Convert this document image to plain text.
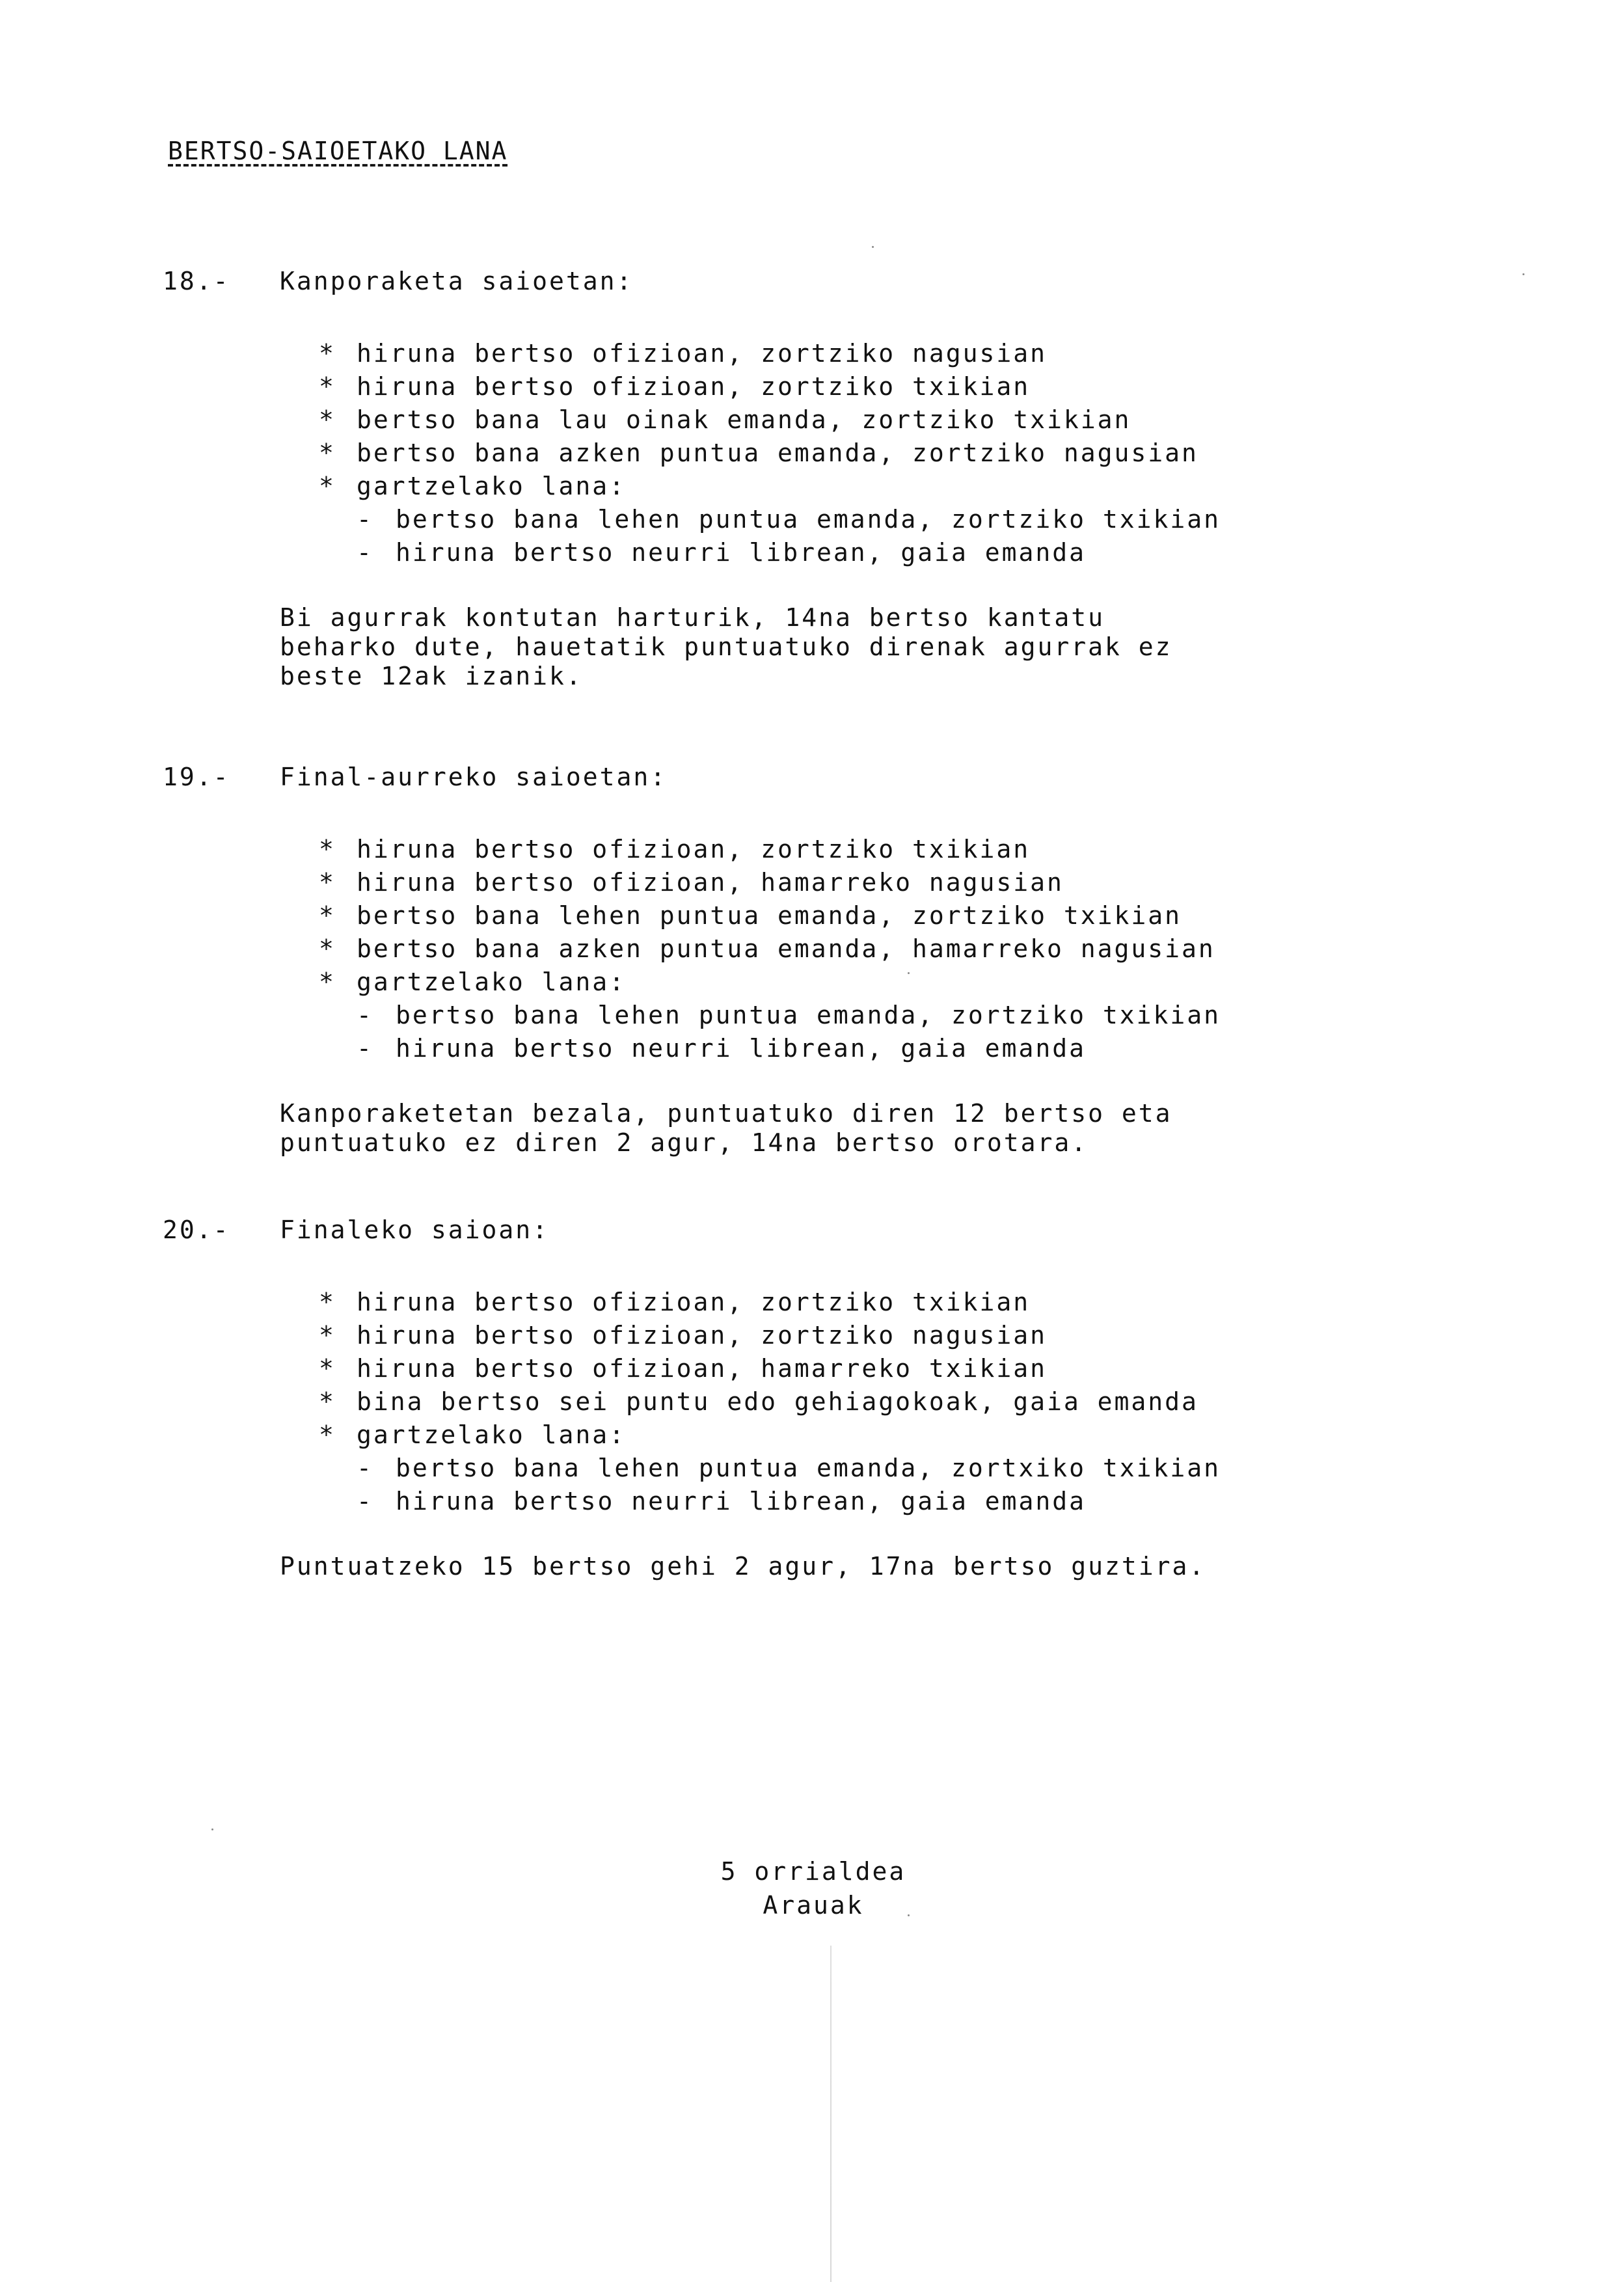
BERTSO-SAIOETAKO LANA
18.- Kanporaketa saioetan:
* hiruna bertso ofizioan, zortziko nagusian
* hiruna bertso ofizioan, zortziko txikian
* bertso bana lau oinak emanda, zortziko txikian
* bertso bana azken puntua emanda, zortziko nagusian
* gartzelako lana:
- bertso bana lehen puntua emanda, zortziko txikian
- hiruna bertso neurri librean, gaia emanda
Bi agurrak kontutan harturik, 14na bertso kantatu
beharko dute, hauetatik puntuatuko direnak agurrak ez
beste 12ak izanik.
19.- Final-aurreko saioetan:
* hiruna bertso ofizioan, zortziko txikian
* hiruna bertso ofizioan, hamarreko nagusian
* bertso bana lehen puntua emanda, zortziko txikian
* bertso bana azken puntua emanda, hamarreko nagusian
* gartzelako lana:
- bertso bana lehen puntua emanda, zortziko txikian
- hiruna bertso neurri librean, gaia emanda
Kanporaketetan bezala, puntuatuko diren 12 bertso eta
puntuatuko ez diren 2 agur, 14na bertso orotara.
20.- Finaleko saioan:
* hiruna bertso ofizioan, zortziko txikian
* hiruna bertso ofizioan, zortziko nagusian
* hiruna bertso ofizioan, hamarreko txikian
* bina bertso sei puntu edo gehiagokoak, gaia emanda
* gartzelako lana:
- bertso bana lehen puntua emanda, zortxiko txikian
- hiruna bertso neurri librean, gaia emanda
Puntuatzeko 15 bertso gehi 2 agur, 17na bertso guztira.
5 orrialdea
Arauak
